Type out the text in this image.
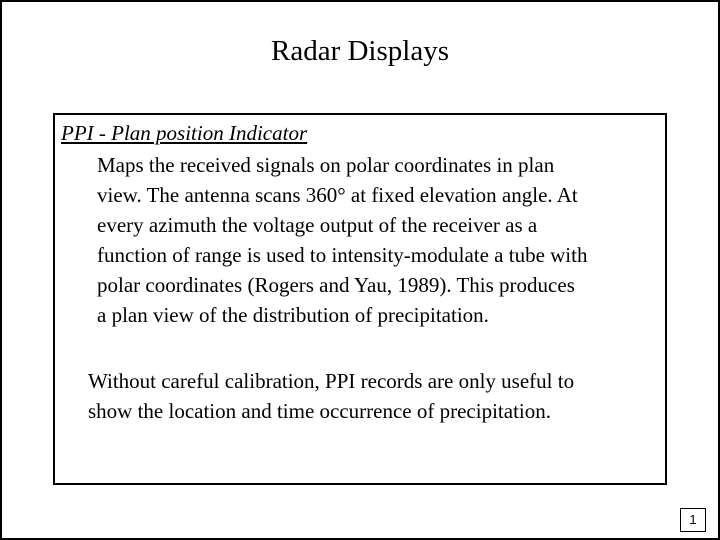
Radar Displays
PPI - Plan position Indicator
Maps the received signals on polar coordinates in plan
view. The antenna scans 360° at fixed elevation angle. At
every azimuth the voltage output of the receiver as a
function of range is used to intensity-modulate a tube with
polar coordinates (Rogers and Yau, 1989). This produces
a plan view of the distribution of precipitation.
Without careful calibration, PPI records are only useful to
show the location and time occurrence of precipitation.
1
